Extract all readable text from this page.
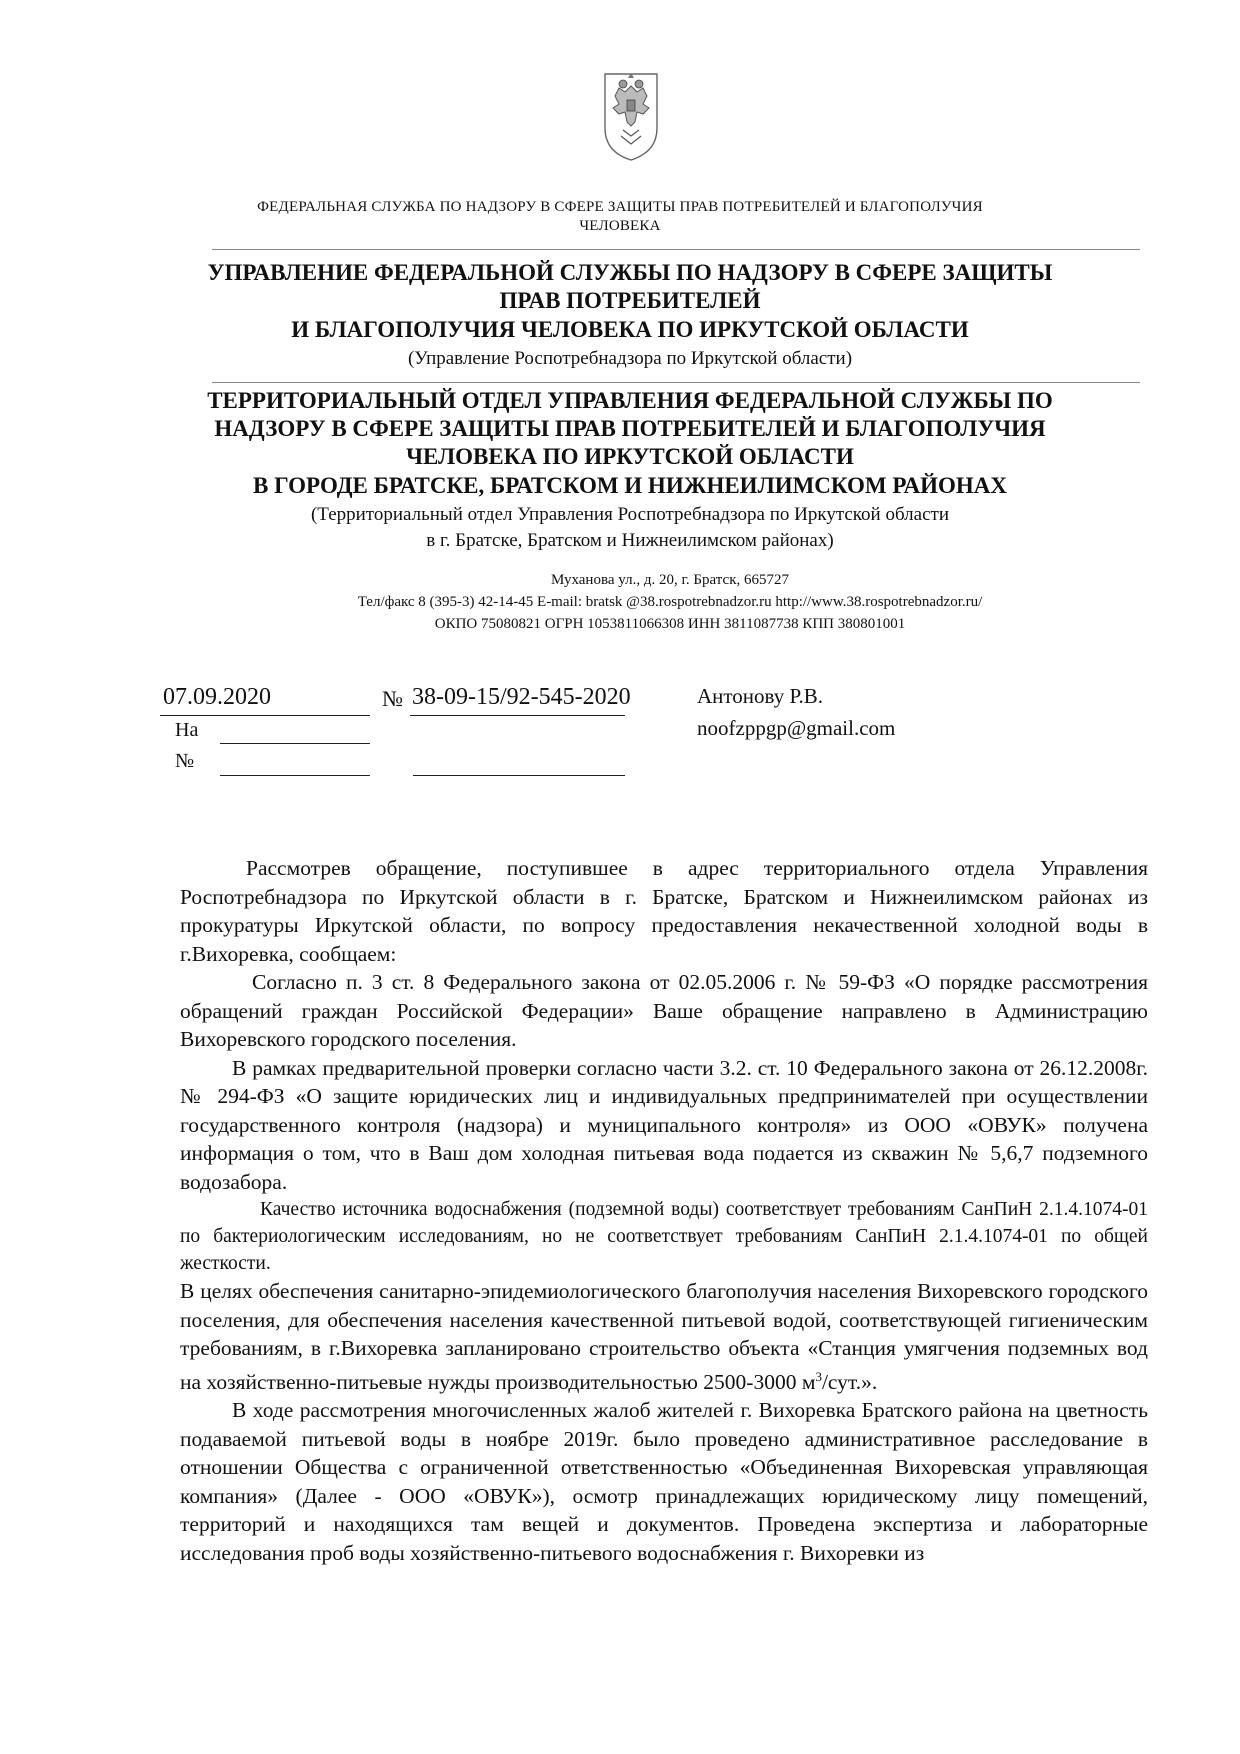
ФЕДЕРАЛЬНАЯ СЛУЖБА ПО НАДЗОРУ В СФЕРЕ ЗАЩИТЫ ПРАВ ПОТРЕБИТЕЛЕЙ И БЛАГОПОЛУЧИЯ
ЧЕЛОВЕКА
УПРАВЛЕНИЕ ФЕДЕРАЛЬНОЙ СЛУЖБЫ ПО НАДЗОРУ В СФЕРЕ ЗАЩИТЫ
ПРАВ ПОТРЕБИТЕЛЕЙ
И БЛАГОПОЛУЧИЯ ЧЕЛОВЕКА ПО ИРКУТСКОЙ ОБЛАСТИ
(Управление Роспотребнадзора по Иркутской области)
ТЕРРИТОРИАЛЬНЫЙ ОТДЕЛ УПРАВЛЕНИЯ ФЕДЕРАЛЬНОЙ СЛУЖБЫ ПО
НАДЗОРУ В СФЕРЕ ЗАЩИТЫ ПРАВ ПОТРЕБИТЕЛЕЙ И БЛАГОПОЛУЧИЯ
ЧЕЛОВЕКА ПО ИРКУТСКОЙ ОБЛАСТИ
В ГОРОДЕ БРАТСКЕ, БРАТСКОМ И НИЖНЕИЛИМСКОМ РАЙОНАХ
(Территориальный отдел Управления Роспотребнадзора по Иркутской области
в г. Братске, Братском и Нижнеилимском районах)
Муханова ул., д. 20, г. Братск, 665727
Тел/факс 8 (395-3) 42-14-45 E-mail: bratsk @38.rospotrebnadzor.ru http://www.38.rospotrebnadzor.ru/
ОКПО 75080821 ОГРН 1053811066308 ИНН 3811087738 КПП 380801001
07.09.2020	№ 38-09-15/92-545-2020
На
№
Антонову Р.В.
noofzppgp@gmail.com

Рассмотрев обращение, поступившее в адрес территориального отдела Управления Роспотребнадзора по Иркутской области в г. Братске, Братском и Нижнеилимском районах из прокуратуры Иркутской области, по вопросу предоставления некачественной холодной воды в г.Вихоревка, сообщаем:

Согласно п. 3 ст. 8 Федерального закона от 02.05.2006 г. № 59-ФЗ «О порядке рассмотрения обращений граждан Российской Федерации» Ваше обращение направлено в Администрацию Вихоревского городского поселения.

В рамках предварительной проверки согласно части 3.2. ст. 10 Федерального закона от 26.12.2008г. № 294-ФЗ «О защите юридических лиц и индивидуальных предпринимателей при осуществлении государственного контроля (надзора) и муниципального контроля» из ООО «ОВУК» получена информация о том, что в Ваш дом холодная питьевая вода подается из скважин № 5,6,7 подземного водозабора.

Качество источника водоснабжения (подземной воды) соответствует требованиям СанПиН 2.1.4.1074-01 по бактериологическим исследованиям, но не соответствует требованиям СанПиН 2.1.4.1074-01 по общей жесткости.

В целях обеспечения санитарно-эпидемиологического благополучия населения Вихоревского городского поселения, для обеспечения населения качественной питьевой водой, соответствующей гигиеническим требованиям, в г.Вихоревка запланировано строительство объекта «Станция умягчения подземных вод на хозяйственно-питьевые нужды производительностью 2500-3000 $м^3$/сут.».

В ходе рассмотрения многочисленных жалоб жителей г. Вихоревка Братского района на цветность подаваемой питьевой воды в ноябре 2019г. было проведено административное расследование в отношении Общества с ограниченной ответственностью «Объединенная Вихоревская управляющая компания» (Далее - ООО «ОВУК»), осмотр принадлежащих юридическому лицу помещений, территорий и находящихся там вещей и документов. Проведена экспертиза и лабораторные исследования проб воды хозяйственно-питьевого водоснабжения г. Вихоревки из
